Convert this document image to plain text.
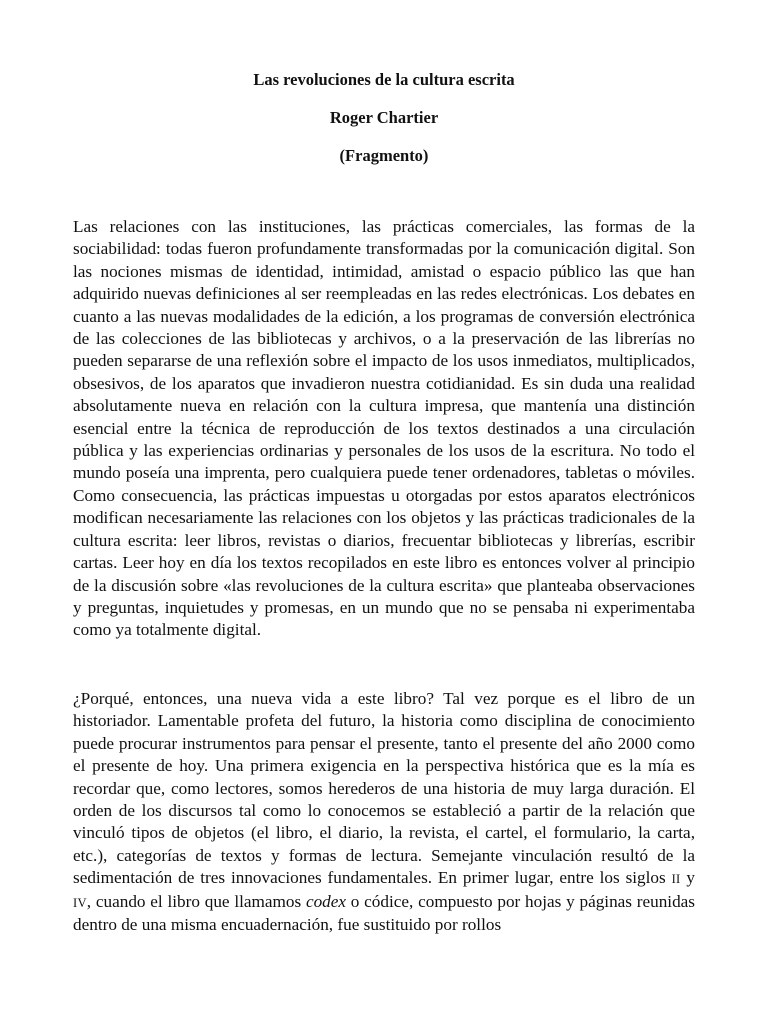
Las revoluciones de la cultura escrita
Roger Chartier
(Fragmento)

Las relaciones con las instituciones, las prácticas comerciales, las formas de la sociabilidad: todas fueron profundamente transformadas por la comunicación digital. Son las nociones mismas de identidad, intimidad, amistad o espacio público las que han adquirido nuevas definiciones al ser reempleadas en las redes electrónicas. Los debates en cuanto a las nuevas modalidades de la edición, a los programas de conversión electrónica de las colecciones de las bibliotecas y archivos, o a la preservación de las librerías no pueden separarse de una reflexión sobre el impacto de los usos inmediatos, multiplicados, obsesivos, de los aparatos que invadieron nuestra cotidianidad. Es sin duda una realidad absolutamente nueva en relación con la cultura impresa, que mantenía una distinción esencial entre la técnica de reproducción de los textos destinados a una circulación pública y las experiencias ordinarias y personales de los usos de la escritura. No todo el mundo poseía una imprenta, pero cualquiera puede tener ordenadores, tabletas o móviles. Como consecuencia, las prácticas impuestas u otorgadas por estos aparatos electrónicos modifican necesariamente las relaciones con los objetos y las prácticas tradicionales de la cultura escrita: leer libros, revistas o diarios, frecuentar bibliotecas y librerías, escribir cartas. Leer hoy en día los textos recopilados en este libro es entonces volver al principio de la discusión sobre «las revoluciones de la cultura escrita» que planteaba observaciones y preguntas, inquietudes y promesas, en un mundo que no se pensaba ni experimentaba como ya totalmente digital.

¿Porqué, entonces, una nueva vida a este libro? Tal vez porque es el libro de un historiador. Lamentable profeta del futuro, la historia como disciplina de conocimiento puede procurar instrumentos para pensar el presente, tanto el presente del año 2000 como el presente de hoy. Una primera exigencia en la perspectiva histórica que es la mía es recordar que, como lectores, somos herederos de una historia de muy larga duración. El orden de los discursos tal como lo conocemos se estableció a partir de la relación que vinculó tipos de objetos (el libro, el diario, la revista, el cartel, el formulario, la carta, etc.), categorías de textos y formas de lectura. Semejante vinculación resultó de la sedimentación de tres innovaciones fundamentales. En primer lugar, entre los siglos II y IV, cuando el libro que llamamos codex o códice, compuesto por hojas y páginas reunidas dentro de una misma encuadernación, fue sustituido por rollos
